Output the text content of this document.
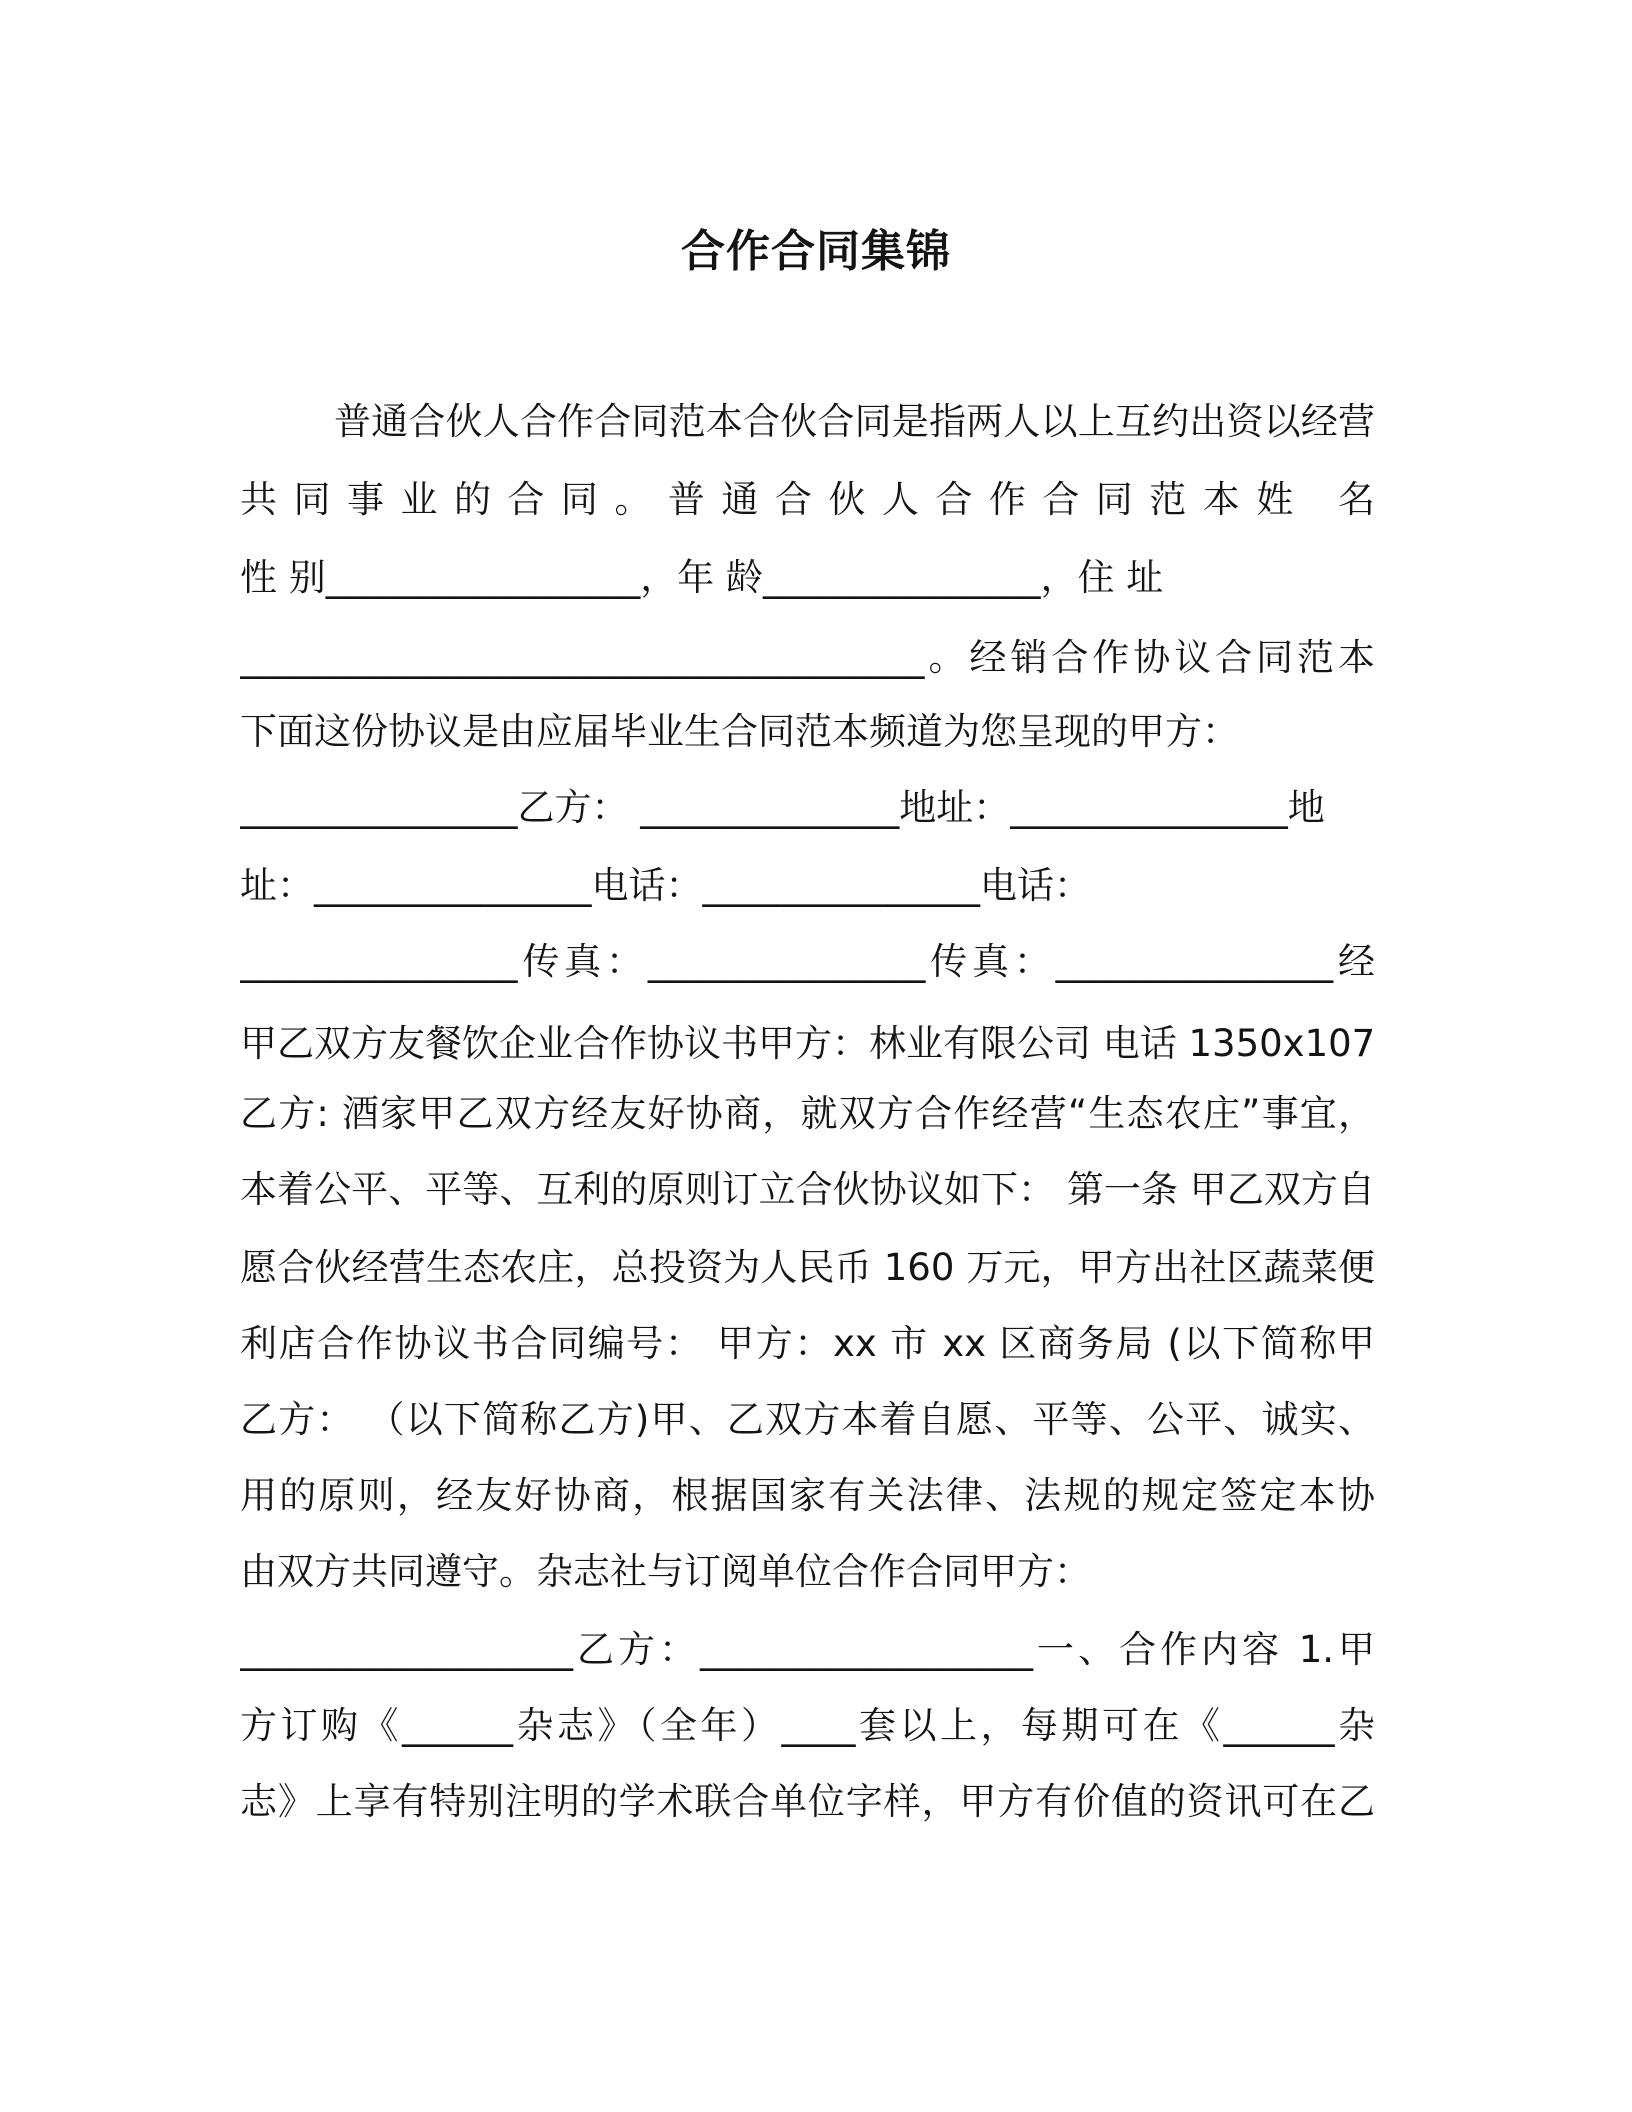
合作合同集锦
普通合伙人合作合同范本合伙合同是指两人以上互约出资以经营
共同事业的合同。普通合伙人合作合同范本姓 名
性 别_________________，年 龄_______________，住 址
_____________________________________。经销合作协议合同范本
下面这份协议是由应届毕业生合同范本频道为您呈现的甲方：
_______________乙方： ______________地址：_______________地
址：_______________电话：_______________电话：
_______________传真：_______________传真：_______________经
甲乙双方友餐饮企业合作协议书甲方：林业有限公司 电话 1350x107
乙方: 酒家甲乙双方经友好协商，就双方合作经营“生态农庄”事宜，
本着公平、平等、互利的原则订立合伙协议如下： 第一条 甲乙双方自
愿合伙经营生态农庄，总投资为人民币 160 万元，甲方出社区蔬菜便
利店合作协议书合同编号： 甲方：xx 市 xx 区商务局 (以下简称甲
乙方： （以下简称乙方)甲、乙双方本着自愿、平等、公平、诚实、
用的原则，经友好协商，根据国家有关法律、法规的规定签定本协
由双方共同遵守。杂志社与订阅单位合作合同甲方：
__________________乙方：__________________一、合作内容 1.甲
方订购《______杂志》（全年）____套以上，每期可在《______杂
志》上享有特别注明的学术联合单位字样，甲方有价值的资讯可在乙
